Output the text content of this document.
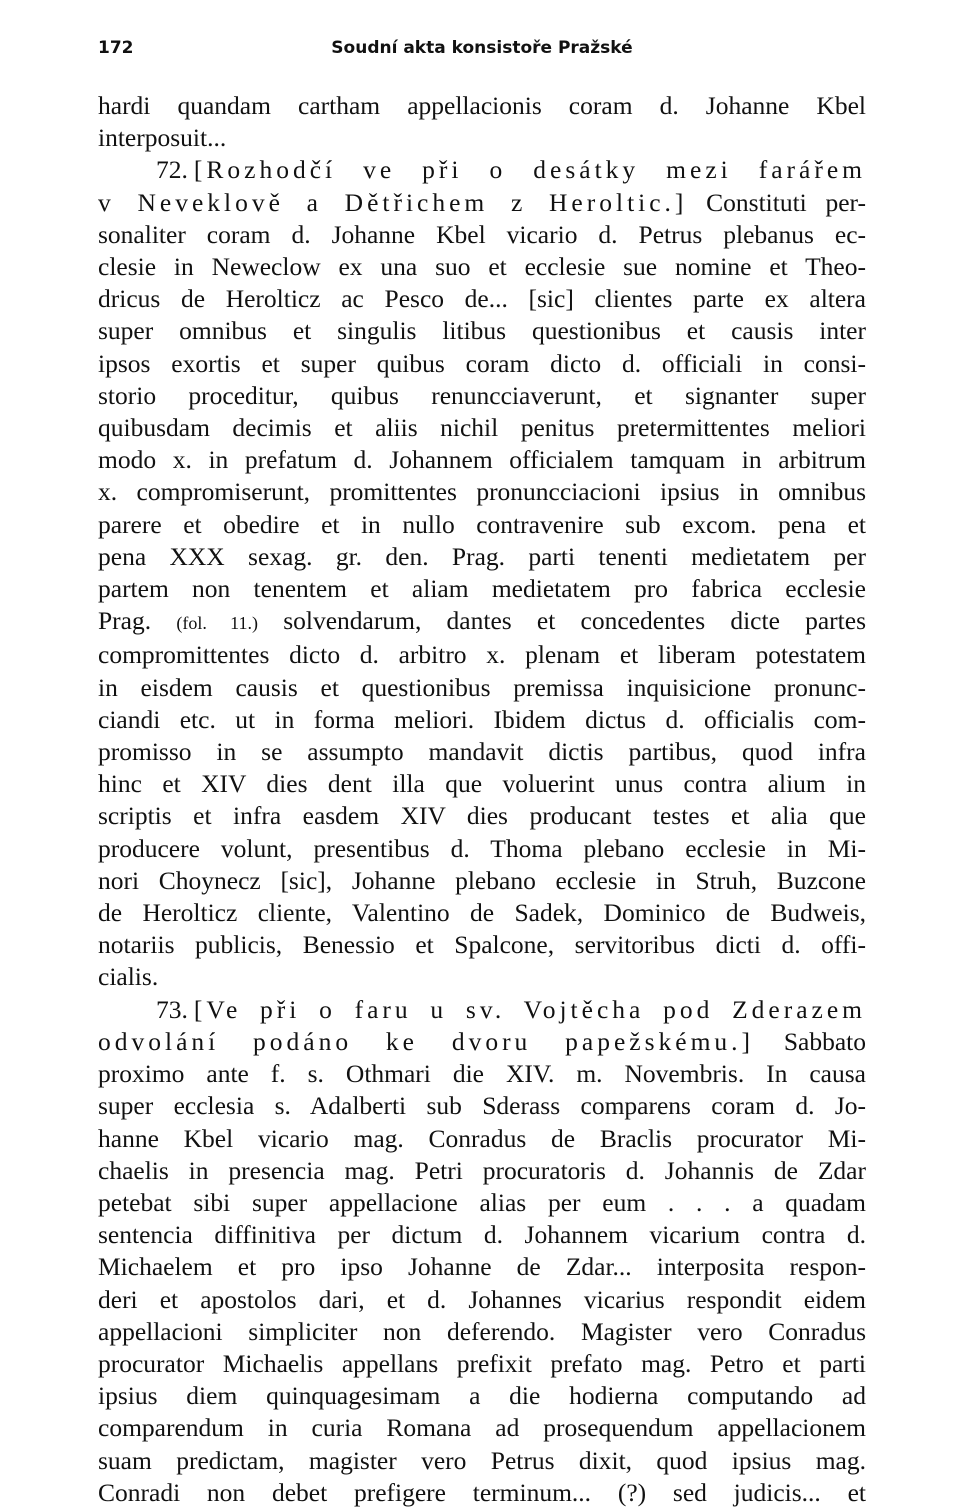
172	Soudní akta konsistoře Pražské
hardi quandam cartham appellacionis coram d. Johanne Kbel
interposuit...
72. [Rozhodčí ve při o desátky mezi farářem
v Neveklově a Dětřichem z Heroltic.] Constituti per-
sonaliter coram d. Johanne Kbel vicario d. Petrus plebanus ec-
clesie in Neweclow ex una suo et ecclesie sue nomine et Theo-
dricus de Herolticz ac Pesco de... [sic] clientes parte ex altera
super omnibus et singulis litibus questionibus et causis inter
ipsos exortis et super quibus coram dicto d. officiali in consi-
storio proceditur, quibus renuncciaverunt, et signanter super
quibusdam decimis et aliis nichil penitus pretermittentes meliori
modo x. in prefatum d. Johannem officialem tamquam in arbitrum
x. compromiserunt, promittentes pronuncciacioni ipsius in omnibus
parere et obedire et in nullo contravenire sub excom. pena et
pena XXX sexag. gr. den. Prag. parti tenenti medietatem per
partem non tenentem et aliam medietatem pro fabrica ecclesie
Prag. (fol. 11.) solvendarum, dantes et concedentes dicte partes
compromittentes dicto d. arbitro x. plenam et liberam potestatem
in eisdem causis et questionibus premissa inquisicione pronunc-
ciandi etc. ut in forma meliori. Ibidem dictus d. officialis com-
promisso in se assumpto mandavit dictis partibus, quod infra
hinc et XIV dies dent illa que voluerint unus contra alium in
scriptis et infra easdem XIV dies producant testes et alia que
producere volunt, presentibus d. Thoma plebano ecclesie in Mi-
nori Choynecz [sic], Johanne plebano ecclesie in Struh, Buzcone
de Herolticz cliente, Valentino de Sadek, Dominico de Budweis,
notariis publicis, Benessio et Spalcone, servitoribus dicti d. offi-
cialis.
73. [Ve při o faru u sv. Vojtěcha pod Zderazem
odvolání podáno ke dvoru papežskému.] Sabbato
proximo ante f. s. Othmari die XIV. m. Novembris. In causa
super ecclesia s. Adalberti sub Sderass comparens coram d. Jo-
hanne Kbel vicario mag. Conradus de Braclis procurator Mi-
chaelis in presencia mag. Petri procuratoris d. Johannis de Zdar
petebat sibi super appellacione alias per eum . . . a quadam
sentencia diffinitiva per dictum d. Johannem vicarium contra d.
Michaelem et pro ipso Johanne de Zdar... interposita respon-
deri et apostolos dari, et d. Johannes vicarius respondit eidem
appellacioni simpliciter non deferendo. Magister vero Conradus
procurator Michaelis appellans prefixit prefato mag. Petro et parti
ipsius diem quinquagesimam a die hodierna computando ad
comparendum in curia Romana ad prosequendum appellacionem
suam predictam, magister vero Petrus dixit, quod ipsius mag.
Conradi non debet prefigere terminum... (?) sed judicis... et
